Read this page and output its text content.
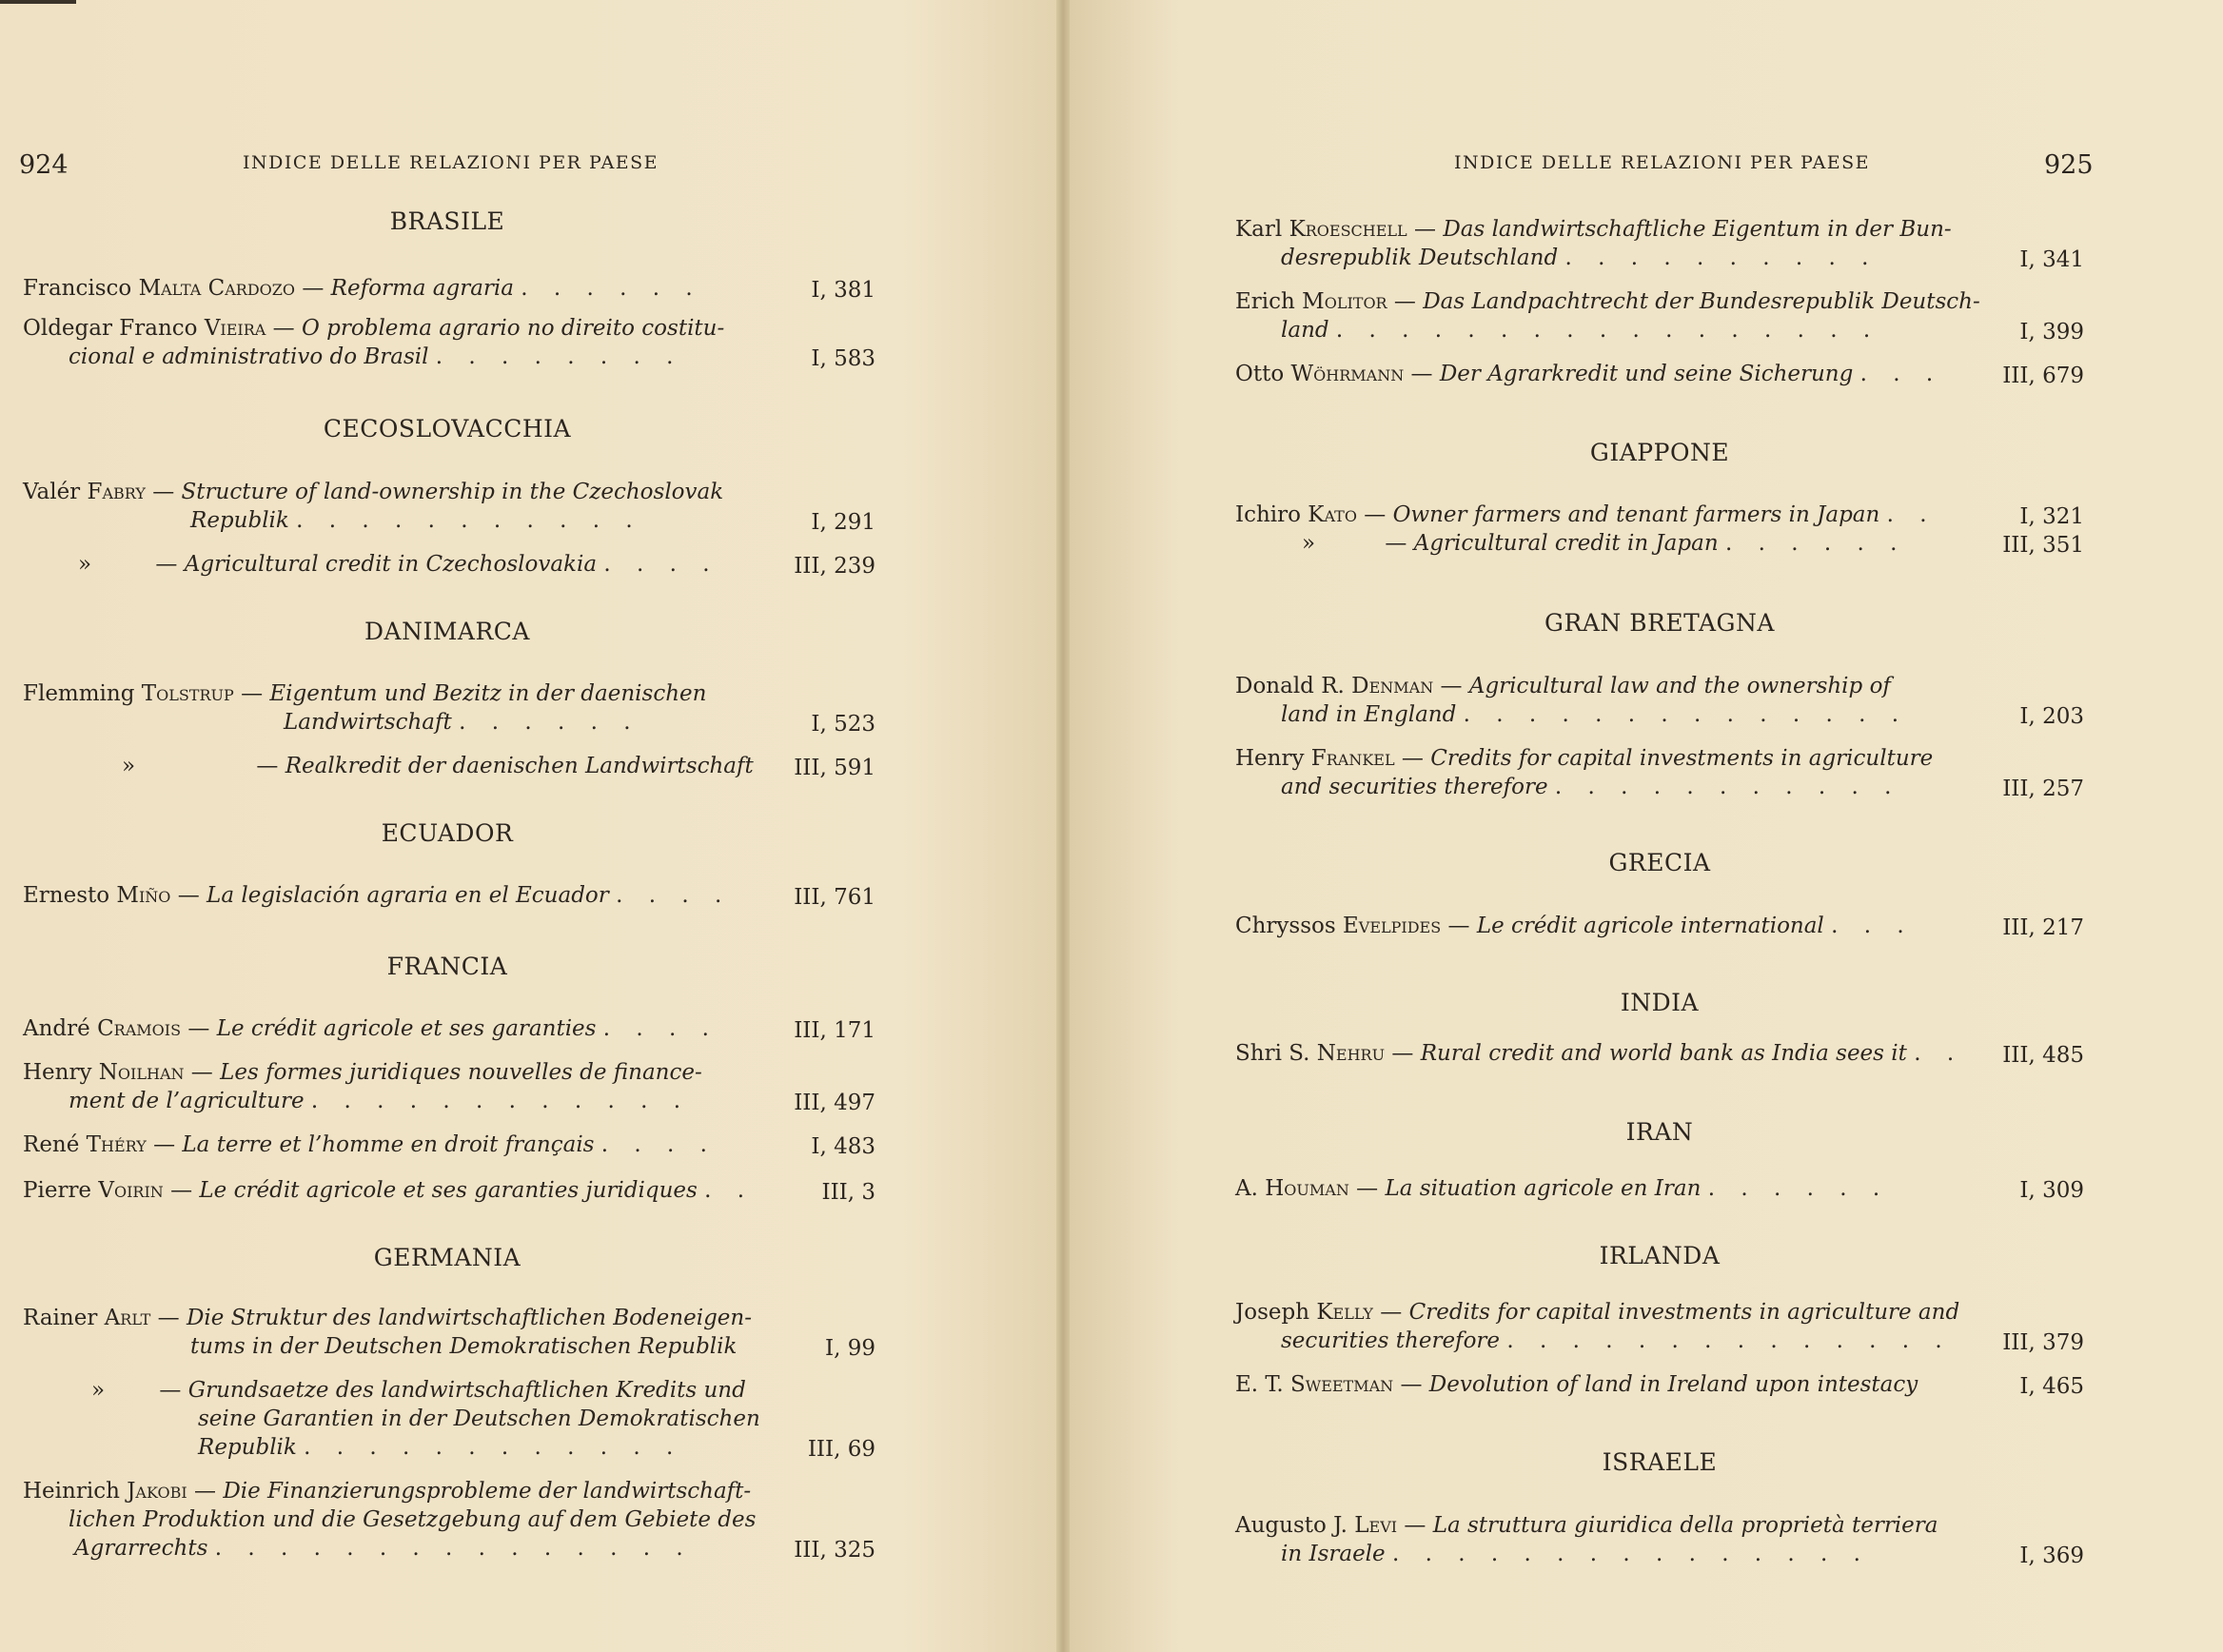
924	INDICE DELLE RELAZIONI PER PAESE	INDICE DELLE RELAZIONI PER PAESE	925
BRASILE
Francisco Malta Cardozo — Reforma agraria . . . . . .	I, 381
Oldegar Franco Vieira — O problema agrario no direito costitu-
cional e administrativo do Brasil . . . . . . . .	I, 583
CECOSLOVACCHIA
Valér Fabry — Structure of land-ownership in the Czechoslovak
Republik . . . . . . . . . . .	I, 291
»	— Agricultural credit in Czechoslovakia . . . .	III, 239
DANIMARCA
Flemming Tolstrup — Eigentum und Bezitz in der daenischen
Landwirtschaft . . . . . .	I, 523
»	— Realkredit der daenischen Landwirtschaft III, 591
ECUADOR
Ernesto Miño — La legislación agraria en el Ecuador . . . .	III, 761
FRANCIA
André Cramois — Le crédit agricole et ses garanties . . . .	III, 171
Henry Noilhan — Les formes juridiques nouvelles de finance-
ment de l’agriculture . . . . . . . . . . . .	III, 497
René Théry — La terre et l’homme en droit français . . . .	I, 483
Pierre Voirin — Le crédit agricole et ses garanties juridiques . .	III, 3
GERMANIA
Rainer Arlt — Die Struktur des landwirtschaftlichen Bodeneigen-
tums in der Deutschen Demokratischen Republik	I, 99
» — Grundsaetze des landwirtschaftlichen Kredits und
seine Garantien in der Deutschen Demokratischen
Republik . . . . . . . . . . . .	III, 69
Heinrich Jakobi — Die Finanzierungsprobleme der landwirtschaft-
lichen Produktion und die Gesetzgebung auf dem Gebiete des
Agrarrechts . . . . . . . . . . . . . . .	III, 325
Karl Kroeschell — Das landwirtschaftliche Eigentum in der Bun-
desrepublik Deutschland . . . . . . . . . .	I, 341
Erich Molitor — Das Landpachtrecht der Bundesrepublik Deutsch-
land . . . . . . . . . . . . . . . . .	I, 399
Otto Wöhrmann — Der Agrarkredit und seine Sicherung . . .	III, 679
GIAPPONE
Ichiro Kato — Owner farmers and tenant farmers in Japan . .	I, 321
»	— Agricultural credit in Japan . . . . . .	III, 351
GRAN BRETAGNA
Donald R. Denman — Agricultural law and the ownership of
land in England . . . . . . . . . . . . . .	I, 203
Henry Frankel — Credits for capital investments in agriculture
and securities therefore . . . . . . . . . . .	III, 257
GRECIA
Chryssos Evelpides — Le crédit agricole international . . .	III, 217
INDIA
Shri S. Nehru — Rural credit and world bank as India sees it . . III, 485
IRAN
A. Houman — La situation agricole en Iran . . . . . .	I, 309
IRLANDA
Joseph Kelly — Credits for capital investments in agriculture and
securities therefore . . . . . . . . . . . . . .	III, 379
E. T. Sweetman — Devolution of land in Ireland upon intestacy	I, 465
ISRAELE
Augusto J. Levi — La struttura giuridica della proprietà terriera
in Israele . . . . . . . . . . . . . . .	I, 369
